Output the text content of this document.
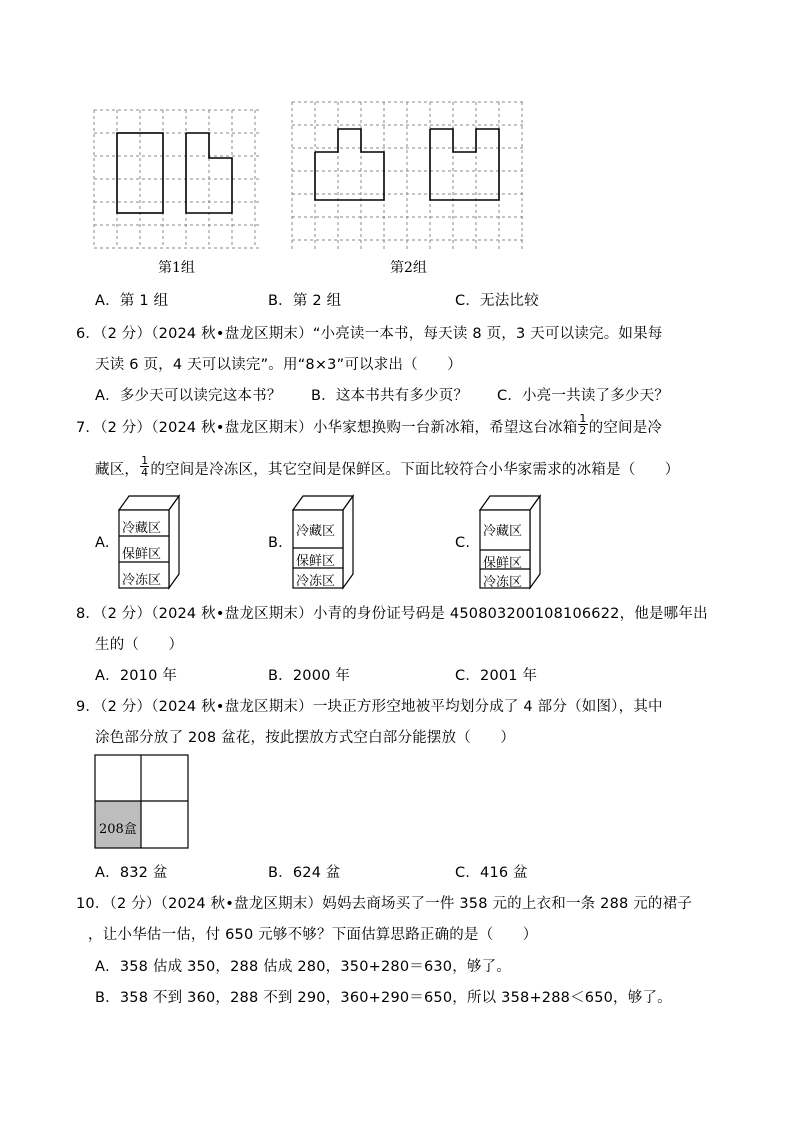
第1组	第2组
A．第 1 组	B．第 2 组	C．无法比较
6．（2 分）（2024 秋•盘龙区期末）“小亮读一本书，每天读 8 页，3 天可以读完。如果每
天读 6 页，4 天可以读完”。用“8×3”可以求出（　　）
A．多少天可以读完这本书？ B．这本书共有多少页？ C．小亮一共读了多少天？
7．（2 分）（2024 秋•盘龙区期末）小华家想换购一台新冰箱，希望这台冰箱 $\frac{1}{2}$ 的空间是冷
藏区， $\frac{1}{4}$ 的空间是冷冻区，其它空间是保鲜区。下面比较符合小华家需求的冰箱是（　　）
A.	B.	C.
冷藏区
保鲜区
冷冻区
冷藏区
保鲜区
冷冻区
冷藏区
保鲜区
冷冻区
8．（2 分）（2024 秋•盘龙区期末）小青的身份证号码是 450803200108106622，他是哪年出
生的（　　）
A．2010 年	B．2000 年	C．2001 年
9．（2 分）（2024 秋•盘龙区期末）一块正方形空地被平均划分成了 4 部分（如图），其中
涂色部分放了 208 盆花，按此摆放方式空白部分能摆放（　　）
208盒
A．832 盆	B．624 盆	C．416 盆
10．（2 分）（2024 秋•盘龙区期末）妈妈去商场买了一件 358 元的上衣和一条 288 元的裙子
，让小华估一估，付 650 元够不够？下面估算思路正确的是（　　）
A．358 估成 350，288 估成 280，350+280＝630，够了。
B．358 不到 360，288 不到 290，360+290＝650，所以 358+288＜650，够了。
